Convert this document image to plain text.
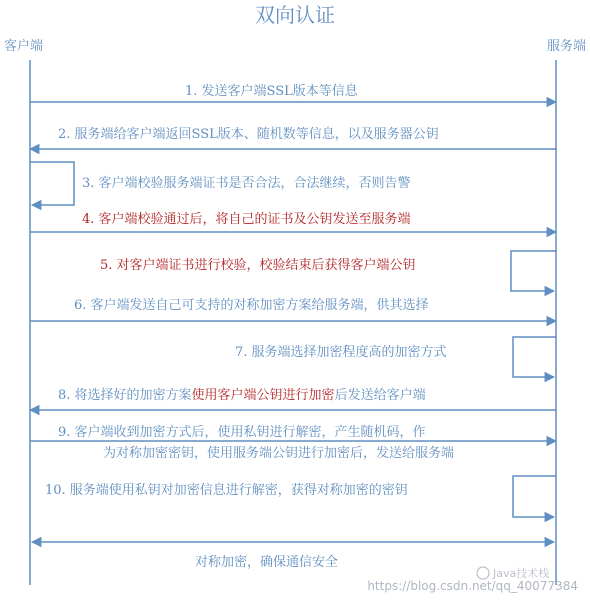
双向认证
客户端	服务端
1. 发送客户端SSL版本等信息
2. 服务端给客户端返回SSL版本、随机数等信息，以及服务器公钥
3. 客户端校验服务端证书是否合法，合法继续，否则告警
4. 客户端校验通过后，将自己的证书及公钥发送至服务端
5. 对客户端证书进行校验，校验结束后获得客户端公钥
6. 客户端发送自己可支持的对称加密方案给服务端，供其选择
7. 服务端选择加密程度高的加密方式
8. 将选择好的加密方案使用客户端公钥进行加密后发送给客户端
9. 客户端收到加密方式后，使用私钥进行解密，产生随机码，作
为对称加密密钥，使用服务端公钥进行加密后，发送给服务端
10. 服务端使用私钥对加密信息进行解密，获得对称加密的密钥
对称加密，确保通信安全
https://blog.csdn.net/qq_40077384
Java技术栈
